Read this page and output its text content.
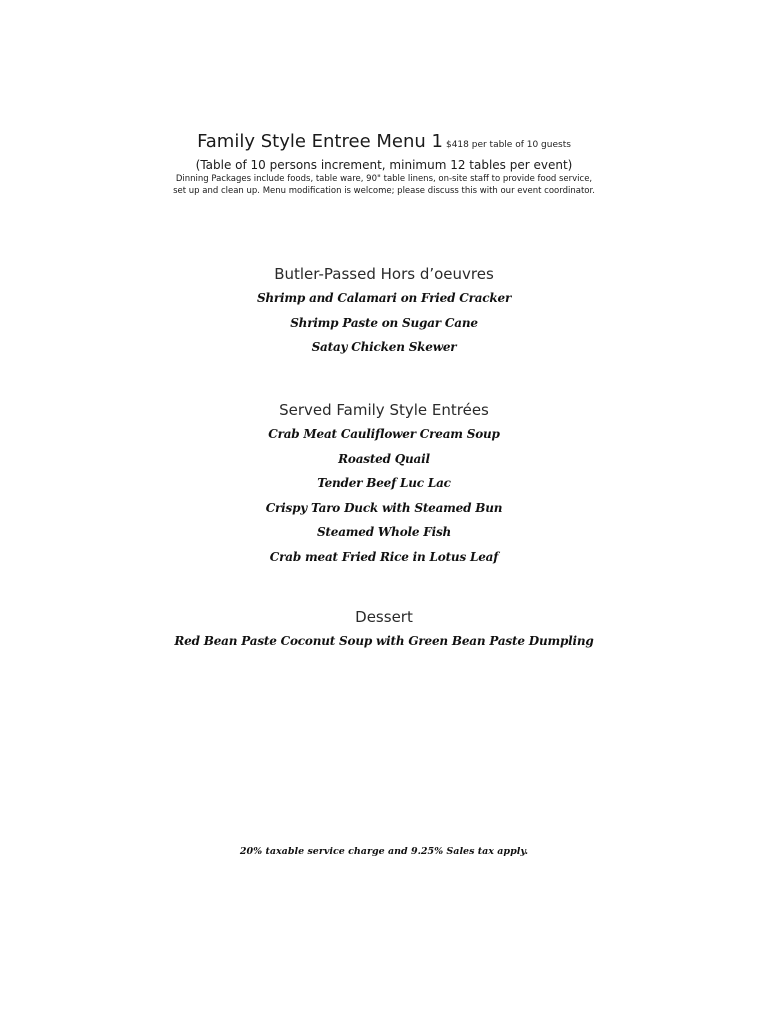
Family Style Entree Menu 1 $418 per table of 10 guests
(Table of 10 persons increment, minimum 12 tables per event)
Dinning Packages include foods, table ware, 90" table linens, on-site staff to provide food service,
set up and clean up. Menu modification is welcome; please discuss this with our event coordinator.
Butler-Passed Hors d’oeuvres
Shrimp and Calamari on Fried Cracker
Shrimp Paste on Sugar Cane
Satay Chicken Skewer
Served Family Style Entrées
Crab Meat Cauliflower Cream Soup
Roasted Quail
Tender Beef Luc Lac
Crispy Taro Duck with Steamed Bun
Steamed Whole Fish
Crab meat Fried Rice in Lotus Leaf
Dessert
Red Bean Paste Coconut Soup with Green Bean Paste Dumpling
20% taxable service charge and 9.25% Sales tax apply.
